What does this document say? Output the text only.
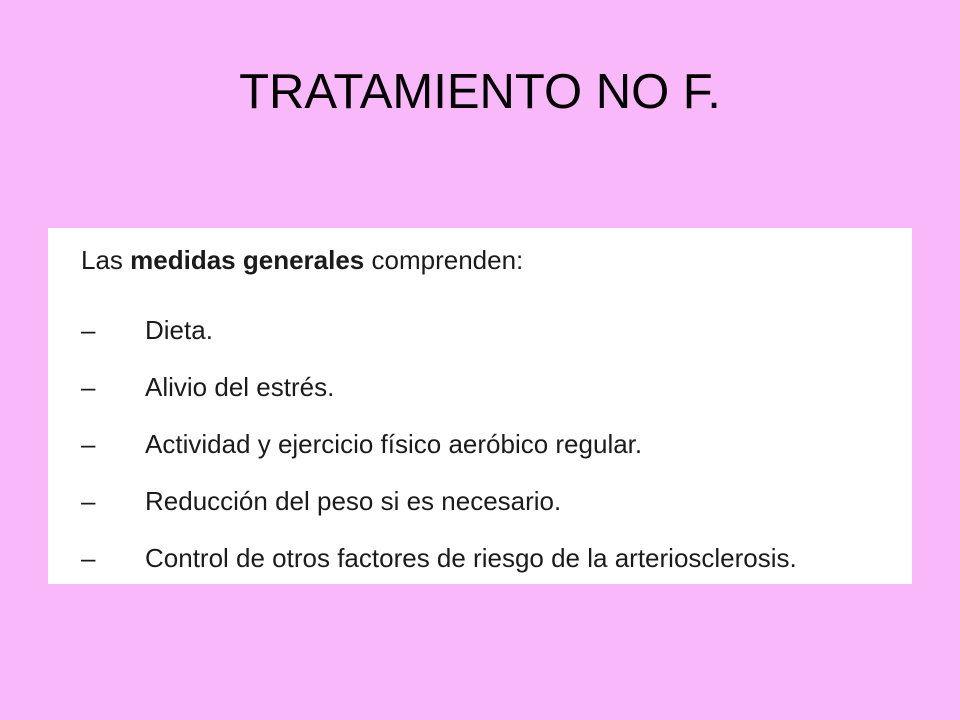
TRATAMIENTO NO F.
Las medidas generales comprenden:
–	Dieta.
–	Alivio del estrés.
–	Actividad y ejercicio físico aeróbico regular.
–	Reducción del peso si es necesario.
–	Control de otros factores de riesgo de la arteriosclerosis.
